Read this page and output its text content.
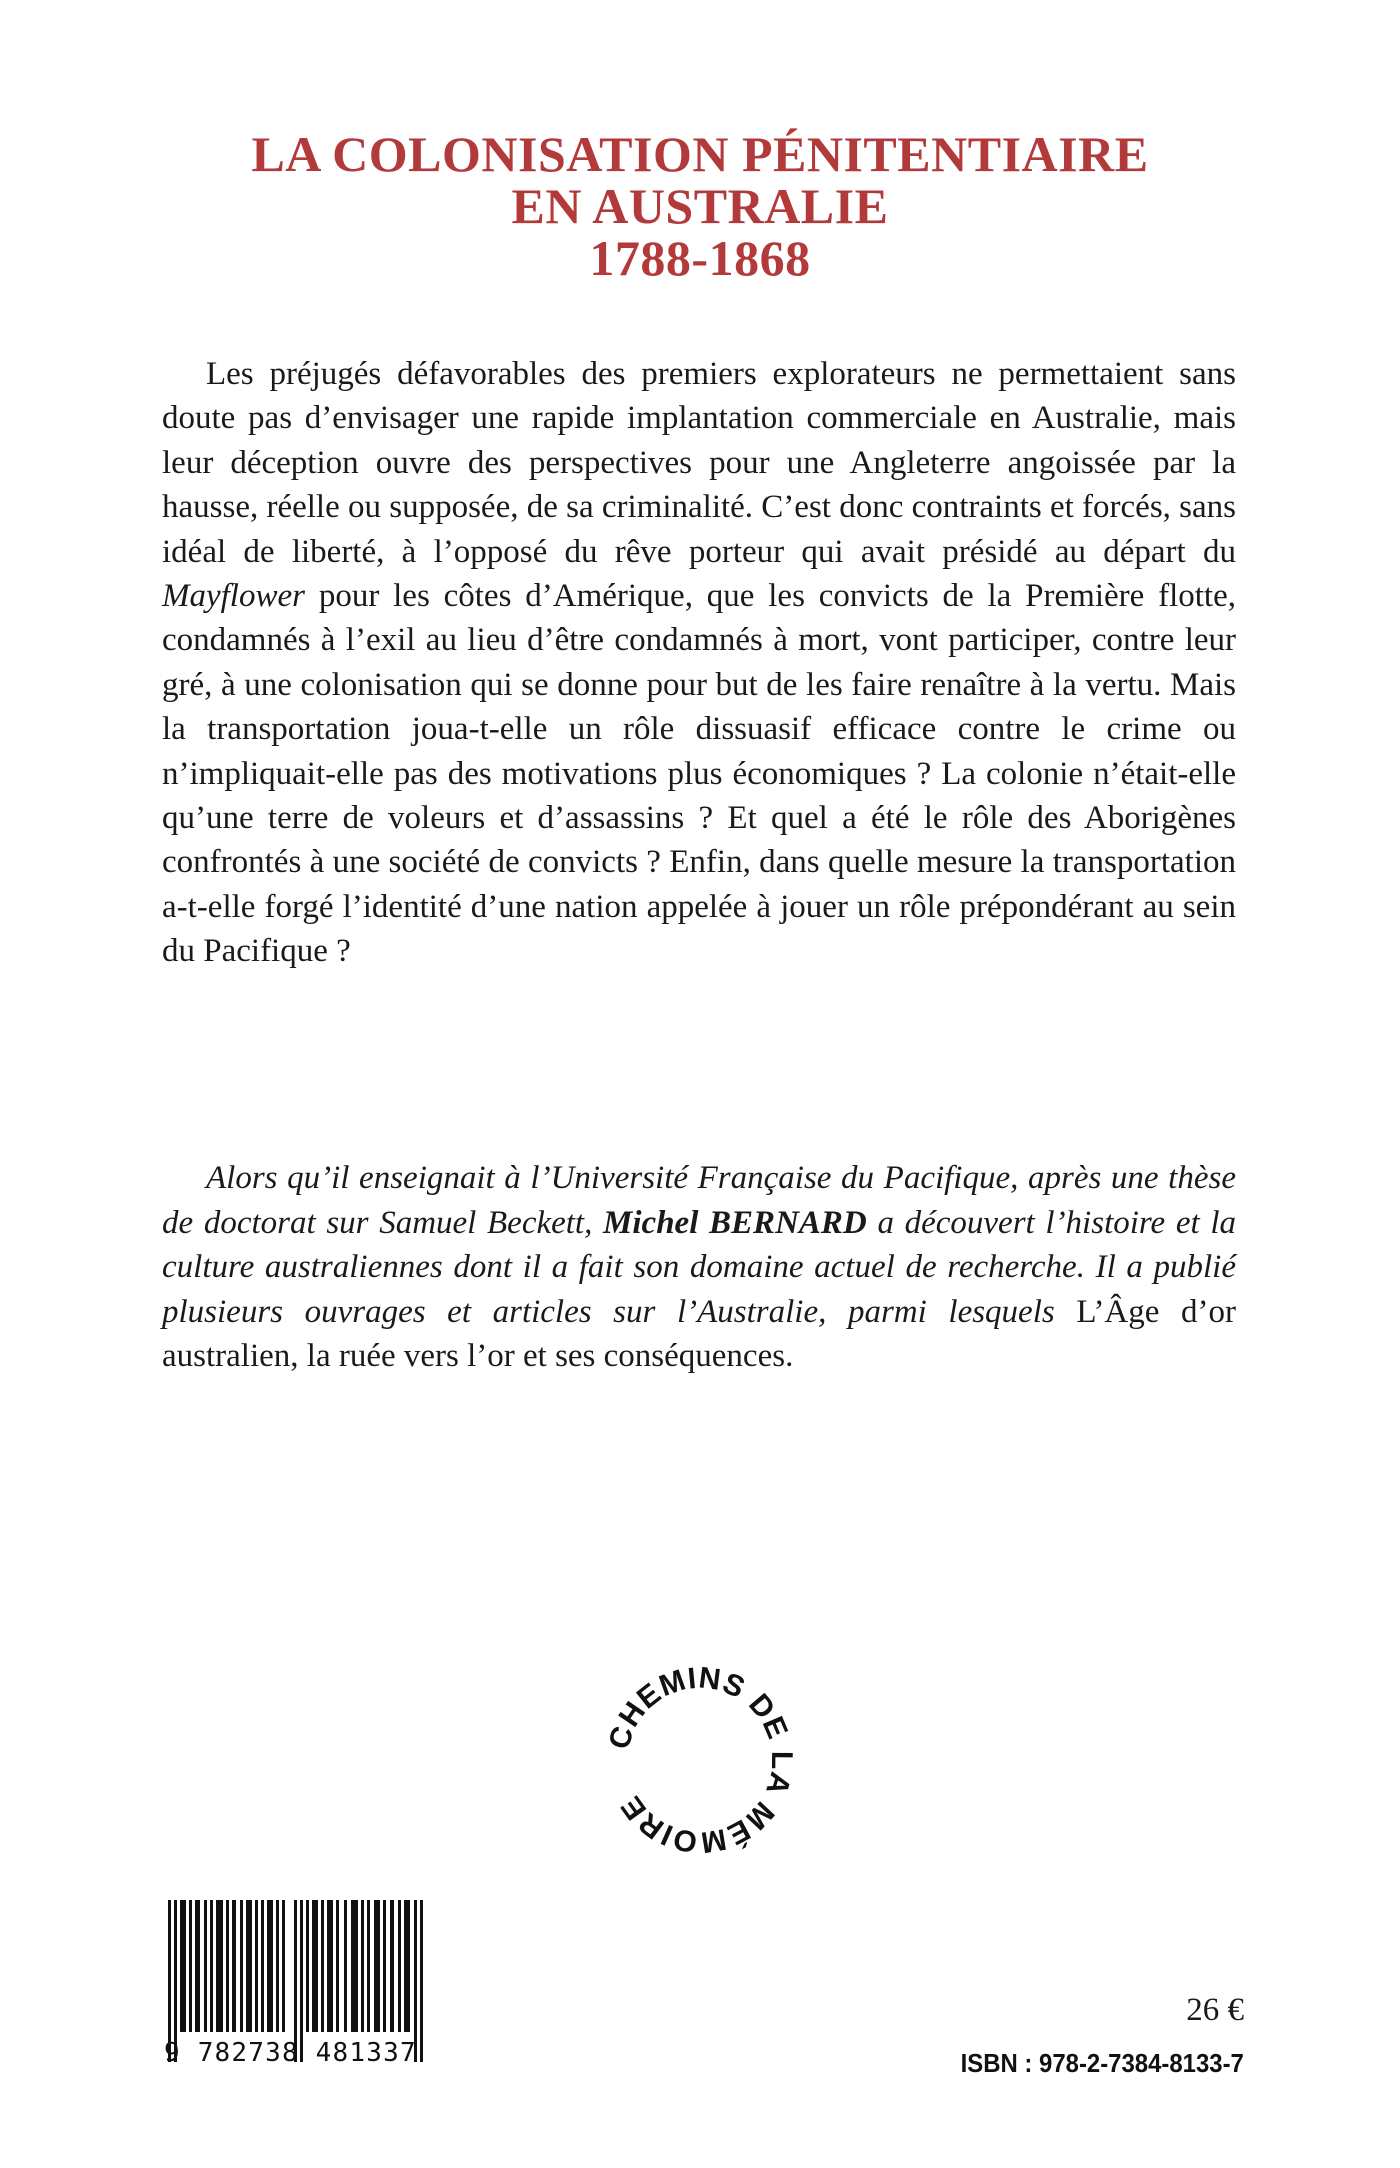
LA COLONISATION PÉNITENTIAIRE
EN AUSTRALIE
1788-1868

Les préjugés défavorables des premiers explorateurs ne permettaient sans doute pas d’envisager une rapide implantation commerciale en Australie, mais leur déception ouvre des perspectives pour une Angleterre angoissée par la hausse, réelle ou supposée, de sa criminalité. C’est donc contraints et forcés, sans idéal de liberté, à l’opposé du rêve porteur qui avait présidé au départ du Mayflower pour les côtes d’Amérique, que les convicts de la Première flotte, condamnés à l’exil au lieu d’être condamnés à mort, vont participer, contre leur gré, à une colonisation qui se donne pour but de les faire renaître à la vertu. Mais la transportation joua-t-elle un rôle dissuasif efficace contre le crime ou n’impliquait-elle pas des motivations plus économiques ? La colonie n’était-elle qu’une terre de voleurs et d’assassins ? Et quel a été le rôle des Aborigènes confrontés à une société de convicts ? Enfin, dans quelle mesure la transportation a-t-elle forgé l’identité d’une nation appelée à jouer un rôle prépondérant au sein du Pacifique ?

Alors qu’il enseignait à l’Université Française du Pacifique, après une thèse de doctorat sur Samuel Beckett, Michel BERNARD a découvert l’histoire et la culture australiennes dont il a fait son domaine actuel de recherche. Il a publié plusieurs ouvrages et articles sur l’Australie, parmi lesquels L’Âge d’or australien, la ruée vers l’or et ses conséquences.

CHEMINS DE LA MÉMOIRE
9 782738 481337
26 €
ISBN : 978-2-7384-8133-7
